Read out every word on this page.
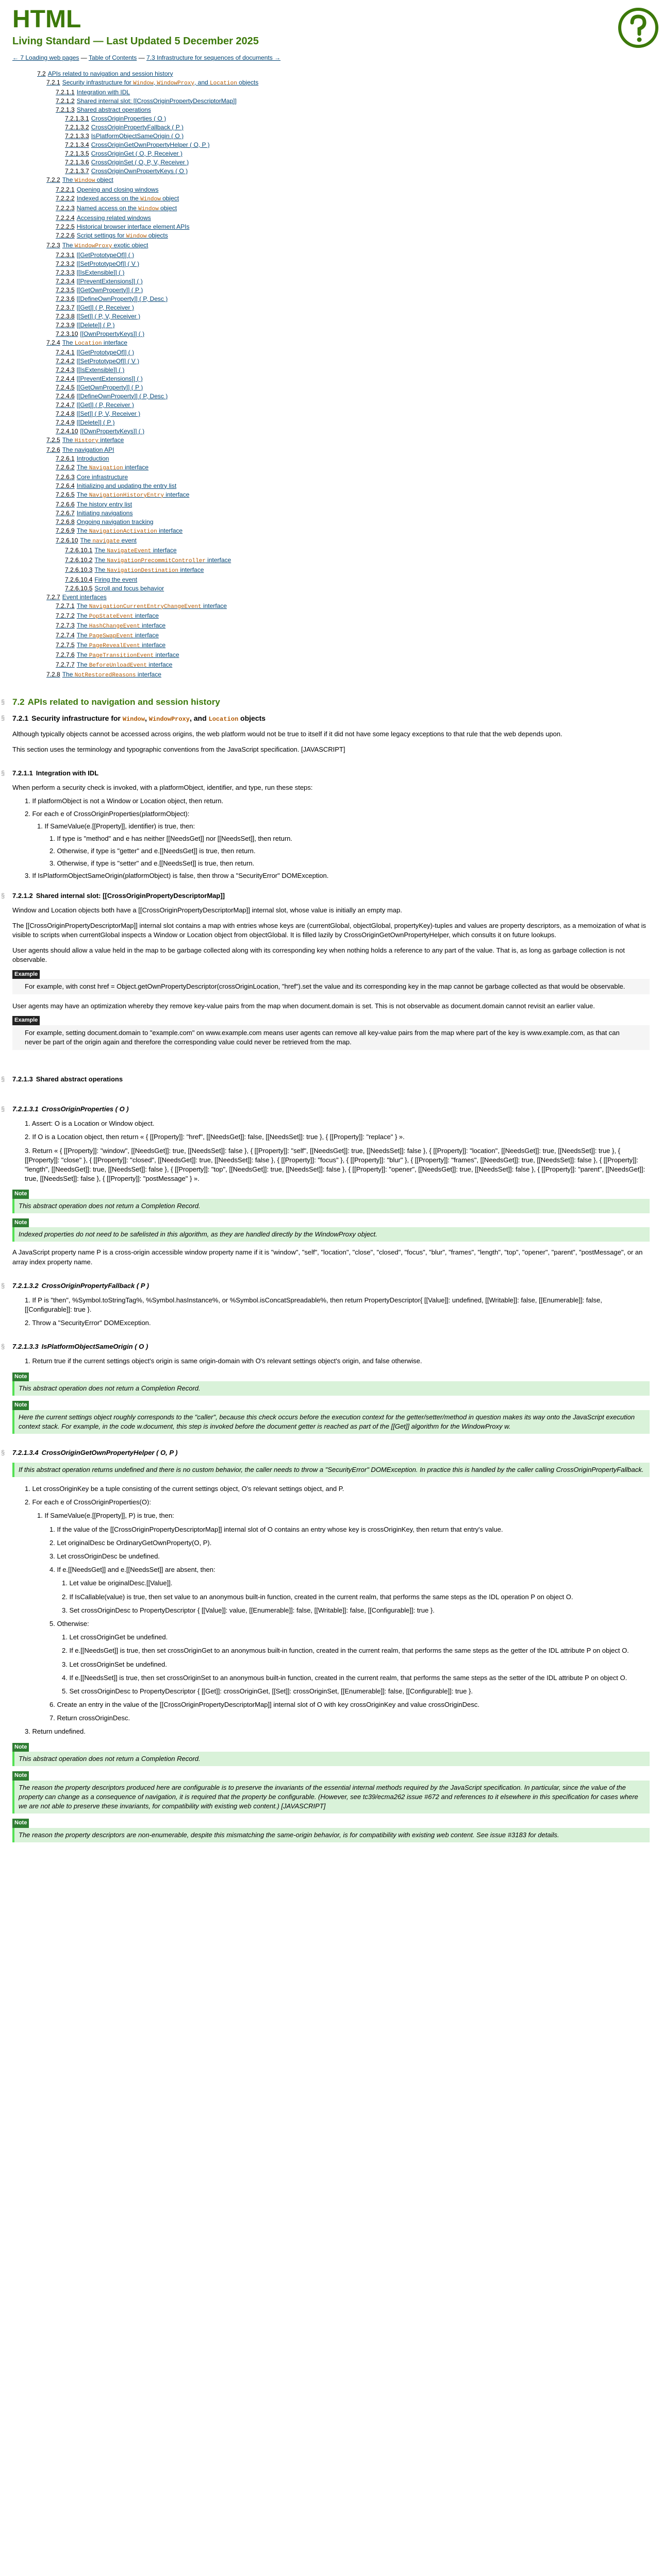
HTML
Living Standard — Last Updated 5 December 2025
← 7 Loading web pages — Table of Contents — 7.3 Infrastructure for sequences of documents →
7.2 APIs related to navigation and session history
7.2.1 Security infrastructure for Window, WindowProxy, and Location objects
7.2.1.1 Integration with IDL
7.2.1.2 Shared internal slot: [[CrossOriginPropertyDescriptorMap]]
7.2.1.3 Shared abstract operations
7.2.1.3.1 CrossOriginProperties ( O )
7.2.1.3.2 CrossOriginPropertyFallback ( P )
7.2.1.3.3 IsPlatformObjectSameOrigin ( O )
7.2.1.3.4 CrossOriginGetOwnPropertyHelper ( O, P )
7.2.1.3.5 CrossOriginGet ( O, P, Receiver )
7.2.1.3.6 CrossOriginSet ( O, P, V, Receiver )
7.2.1.3.7 CrossOriginOwnPropertyKeys ( O )
7.2.2 The Window object
7.2.2.1 Opening and closing windows
7.2.2.2 Indexed access on the Window object
7.2.2.3 Named access on the Window object
7.2.2.4 Accessing related windows
7.2.2.5 Historical browser interface element APIs
7.2.2.6 Script settings for Window objects
7.2.3 The WindowProxy exotic object
7.2.3.1 [[GetPrototypeOf]] ( )
7.2.3.2 [[SetPrototypeOf]] ( V )
7.2.3.3 [[IsExtensible]] ( )
7.2.3.4 [[PreventExtensions]] ( )
7.2.3.5 [[GetOwnProperty]] ( P )
7.2.3.6 [[DefineOwnProperty]] ( P, Desc )
7.2.3.7 [[Get]] ( P, Receiver )
7.2.3.8 [[Set]] ( P, V, Receiver )
7.2.3.9 [[Delete]] ( P )
7.2.3.10 [[OwnPropertyKeys]] ( )
7.2.4 The Location interface
7.2.4.1 [[GetPrototypeOf]] ( )
7.2.4.2 [[SetPrototypeOf]] ( V )
7.2.4.3 [[IsExtensible]] ( )
7.2.4.4 [[PreventExtensions]] ( )
7.2.4.5 [[GetOwnProperty]] ( P )
7.2.4.6 [[DefineOwnProperty]] ( P, Desc )
7.2.4.7 [[Get]] ( P, Receiver )
7.2.4.8 [[Set]] ( P, V, Receiver )
7.2.4.9 [[Delete]] ( P )
7.2.4.10 [[OwnPropertyKeys]] ( )
7.2.5 The History interface
7.2.6 The navigation API
7.2.6.1 Introduction
7.2.6.2 The Navigation interface
7.2.6.3 Core infrastructure
7.2.6.4 Initializing and updating the entry list
7.2.6.5 The NavigationHistoryEntry interface
7.2.6.6 The history entry list
7.2.6.7 Initiating navigations
7.2.6.8 Ongoing navigation tracking
7.2.6.9 The NavigationActivation interface
7.2.6.10 The navigate event
7.2.6.10.1 The NavigateEvent interface
7.2.6.10.2 The NavigationPrecommitController interface
7.2.6.10.3 The NavigationDestination interface
7.2.6.10.4 Firing the event
7.2.6.10.5 Scroll and focus behavior
7.2.7 Event interfaces
7.2.7.1 The NavigationCurrentEntryChangeEvent interface
7.2.7.2 The PopStateEvent interface
7.2.7.3 The HashChangeEvent interface
7.2.7.4 The PageSwapEvent interface
7.2.7.5 The PageRevealEvent interface
7.2.7.6 The PageTransitionEvent interface
7.2.7.7 The BeforeUnloadEvent interface
7.2.8 The NotRestoredReasons interface
§ 7.2 APIs related to navigation and session history
§ 7.2.1 Security infrastructure for Window, WindowProxy, and Location objects

Although typically objects cannot be accessed across origins, the web platform would not be true to itself if it did not have some legacy exceptions to that rule that the web depends upon.

This section uses the terminology and typographic conventions from the JavaScript specification. [JAVASCRIPT]

§ 7.2.1.1 Integration with IDL

When perform a security check is invoked, with a platformObject, identifier, and type, run these steps:

1. If platformObject is not a Window or Location object, then return.

2. For each e of CrossOriginProperties(platformObject):

1. If SameValue(e.[[Property]], identifier) is true, then:

1. If type is "method" and e has neither [[NeedsGet]] nor [[NeedsSet]], then return.

2. Otherwise, if type is "getter" and e.[[NeedsGet]] is true, then return.

3. Otherwise, if type is "setter" and e.[[NeedsSet]] is true, then return.

3. If IsPlatformObjectSameOrigin(platformObject) is false, then throw a "SecurityError" DOMException.

§ 7.2.1.2 Shared internal slot: [[CrossOriginPropertyDescriptorMap]]

Window and Location objects both have a [[CrossOriginPropertyDescriptorMap]] internal slot, whose value is initially an empty map.

The [[CrossOriginPropertyDescriptorMap]] internal slot contains a map with entries whose keys are (currentGlobal, objectGlobal, propertyKey)-tuples and values are property descriptors, as a memoization of what is visible to scripts when currentGlobal inspects a Window or Location object from objectGlobal. It is filled lazily by CrossOriginGetOwnPropertyHelper, which consults it on future lookups.

User agents should allow a value held in the map to be garbage collected along with its corresponding key when nothing holds a reference to any part of the value. That is, as long as garbage collection is not observable.

Example
For example, with const href = Object.getOwnPropertyDescriptor(crossOriginLocation, "href").set the value and its corresponding key in the map cannot be garbage collected as that would be observable.

User agents may have an optimization whereby they remove key-value pairs from the map when document.domain is set. This is not observable as document.domain cannot revisit an earlier value.

Example
For example, setting document.domain to "example.com" on www.example.com means user agents can remove all key-value pairs from the map where part of the key is www.example.com, as that can never be part of the origin again and therefore the corresponding value could never be retrieved from the map.
§ 7.2.1.3 Shared abstract operations
§ 7.2.1.3.1 CrossOriginProperties ( O )

1. Assert: O is a Location or Window object.

2. If O is a Location object, then return « { [[Property]]: "href", [[NeedsGet]]: false, [[NeedsSet]]: true }, { [[Property]]: "replace" } ».

3. Return « { [[Property]]: "window", [[NeedsGet]]: true, [[NeedsSet]]: false }, { [[Property]]: "self", [[NeedsGet]]: true, [[NeedsSet]]: false }, { [[Property]]: "location", [[NeedsGet]]: true, [[NeedsSet]]: true }, { [[Property]]: "close" }, { [[Property]]: "closed", [[NeedsGet]]: true, [[NeedsSet]]: false }, { [[Property]]: "focus" }, { [[Property]]: "blur" }, { [[Property]]: "frames", [[NeedsGet]]: true, [[NeedsSet]]: false }, { [[Property]]: "length", [[NeedsGet]]: true, [[NeedsSet]]: false }, { [[Property]]: "top", [[NeedsGet]]: true, [[NeedsSet]]: false }, { [[Property]]: "opener", [[NeedsGet]]: true, [[NeedsSet]]: false }, { [[Property]]: "parent", [[NeedsGet]]: true, [[NeedsSet]]: false }, { [[Property]]: "postMessage" } ».

Note
This abstract operation does not return a Completion Record.
Note
Indexed properties do not need to be safelisted in this algorithm, as they are handled directly by the WindowProxy object.

A JavaScript property name P is a cross-origin accessible window property name if it is "window", "self", "location", "close", "closed", "focus", "blur", "frames", "length", "top", "opener", "parent", "postMessage", or an array index property name.

§ 7.2.1.3.2 CrossOriginPropertyFallback ( P )

1. If P is "then", %Symbol.toStringTag%, %Symbol.hasInstance%, or %Symbol.isConcatSpreadable%, then return PropertyDescriptor{ [[Value]]: undefined, [[Writable]]: false, [[Enumerable]]: false, [[Configurable]]: true }.

2. Throw a "SecurityError" DOMException.

§ 7.2.1.3.3 IsPlatformObjectSameOrigin ( O )

1. Return true if the current settings object's origin is same origin-domain with O's relevant settings object's origin, and false otherwise.

Note
This abstract operation does not return a Completion Record.
Note
Here the current settings object roughly corresponds to the "caller", because this check occurs before the execution context for the getter/setter/method in question makes its way onto the JavaScript execution context stack. For example, in the code w.document, this step is invoked before the document getter is reached as part of the [[Get]] algorithm for the WindowProxy w.
§ 7.2.1.3.4 CrossOriginGetOwnPropertyHelper ( O, P )
If this abstract operation returns undefined and there is no custom behavior, the caller needs to throw a "SecurityError" DOMException. In practice this is handled by the caller calling CrossOriginPropertyFallback.

1. Let crossOriginKey be a tuple consisting of the current settings object, O's relevant settings object, and P.

2. For each e of CrossOriginProperties(O):

1. If SameValue(e.[[Property]], P) is true, then:

1. If the value of the [[CrossOriginPropertyDescriptorMap]] internal slot of O contains an entry whose key is crossOriginKey, then return that entry's value.

2. Let originalDesc be OrdinaryGetOwnProperty(O, P).

3. Let crossOriginDesc be undefined.

4. If e.[[NeedsGet]] and e.[[NeedsSet]] are absent, then:

1. Let value be originalDesc.[[Value]].

2. If IsCallable(value) is true, then set value to an anonymous built-in function, created in the current realm, that performs the same steps as the IDL operation P on object O.

3. Set crossOriginDesc to PropertyDescriptor { [[Value]]: value, [[Enumerable]]: false, [[Writable]]: false, [[Configurable]]: true }.

5. Otherwise:

1. Let crossOriginGet be undefined.

2. If e.[[NeedsGet]] is true, then set crossOriginGet to an anonymous built-in function, created in the current realm, that performs the same steps as the getter of the IDL attribute P on object O.

3. Let crossOriginSet be undefined.

4. If e.[[NeedsSet]] is true, then set crossOriginSet to an anonymous built-in function, created in the current realm, that performs the same steps as the setter of the IDL attribute P on object O.

5. Set crossOriginDesc to PropertyDescriptor { [[Get]]: crossOriginGet, [[Set]]: crossOriginSet, [[Enumerable]]: false, [[Configurable]]: true }.

6. Create an entry in the value of the [[CrossOriginPropertyDescriptorMap]] internal slot of O with key crossOriginKey and value crossOriginDesc.

7. Return crossOriginDesc.

3. Return undefined.

Note
This abstract operation does not return a Completion Record.
Note
The reason the property descriptors produced here are configurable is to preserve the invariants of the essential internal methods required by the JavaScript specification. In particular, since the value of the property can change as a consequence of navigation, it is required that the property be configurable. (However, see tc39/ecma262 issue #672 and references to it elsewhere in this specification for cases where we are not able to preserve these invariants, for compatibility with existing web content.) [JAVASCRIPT]
Note
The reason the property descriptors are non-enumerable, despite this mismatching the same-origin behavior, is for compatibility with existing web content. See issue #3183 for details.
